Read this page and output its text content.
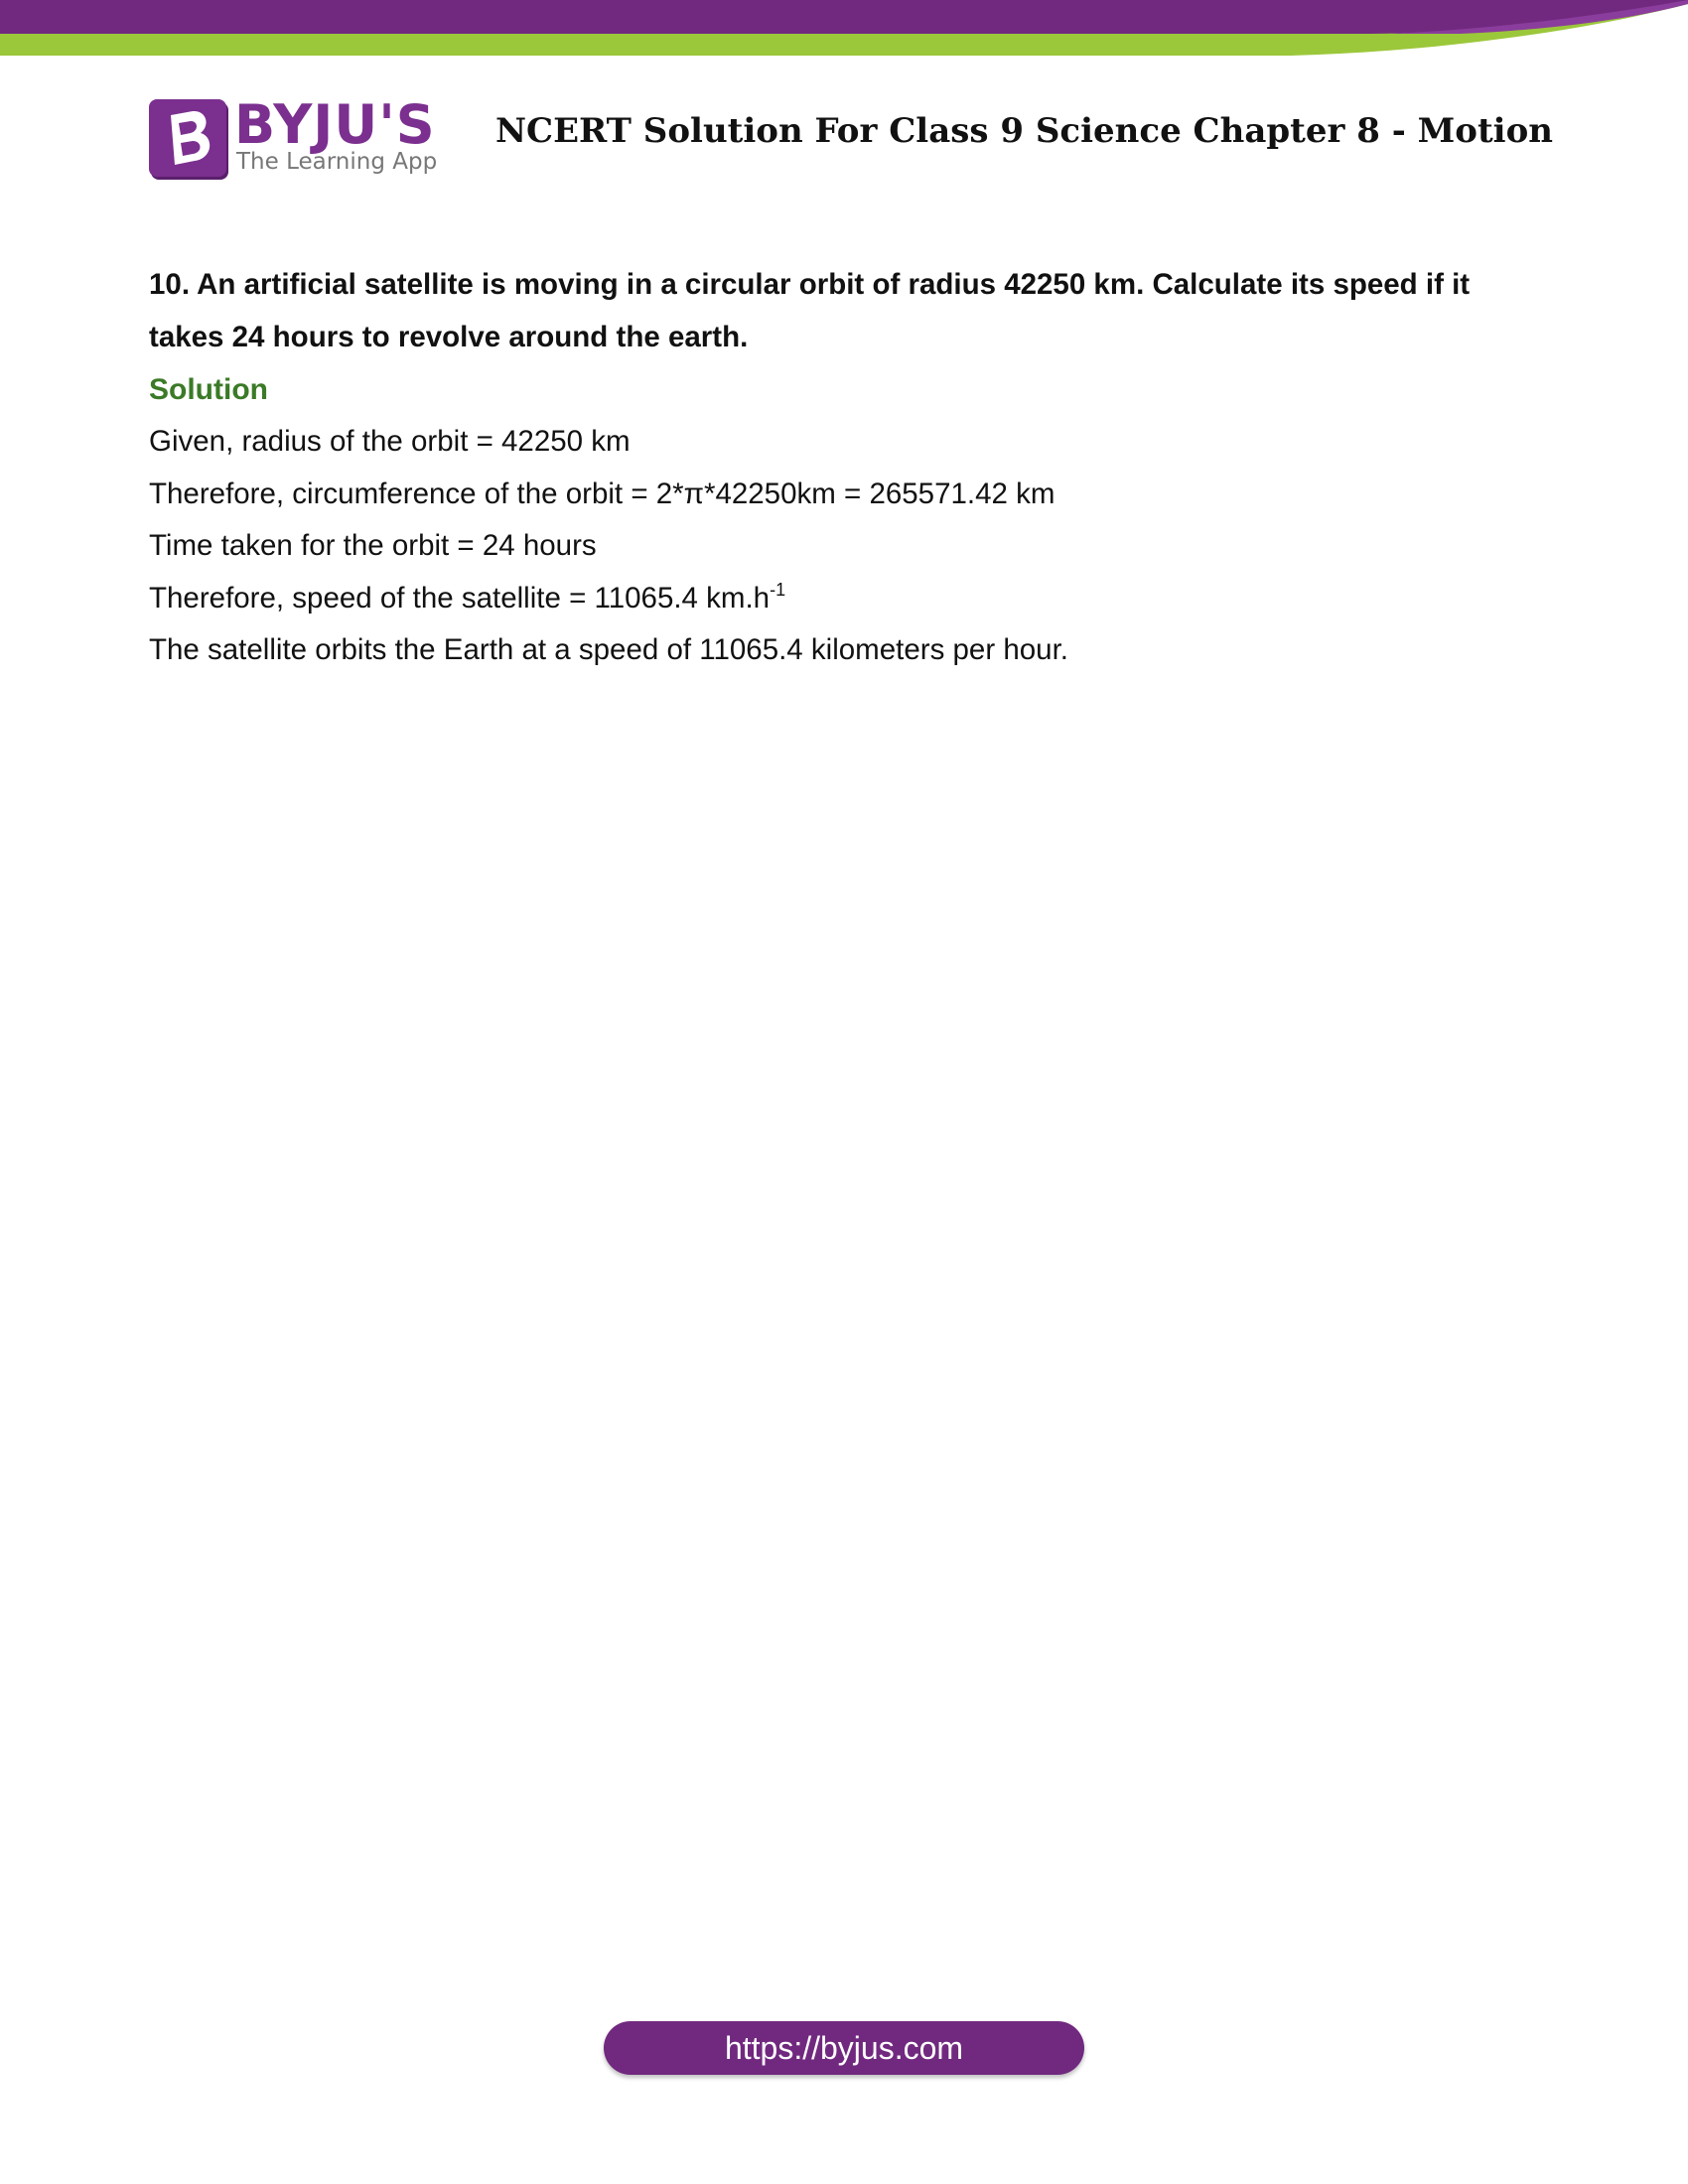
BYJU'S
The Learning App
NCERT Solution For Class 9 Science Chapter 8 - Motion

10. An artificial satellite is moving in a circular orbit of radius 42250 km. Calculate its speed if it takes 24 hours to revolve around the earth.

Solution

Given, radius of the orbit = 42250 km

Therefore, circumference of the orbit = 2*π*42250km = 265571.42 km

Time taken for the orbit = 24 hours

Therefore, speed of the satellite = 11065.4 $km.h^{-1}$

The satellite orbits the Earth at a speed of 11065.4 kilometers per hour.

https://byjus.com
